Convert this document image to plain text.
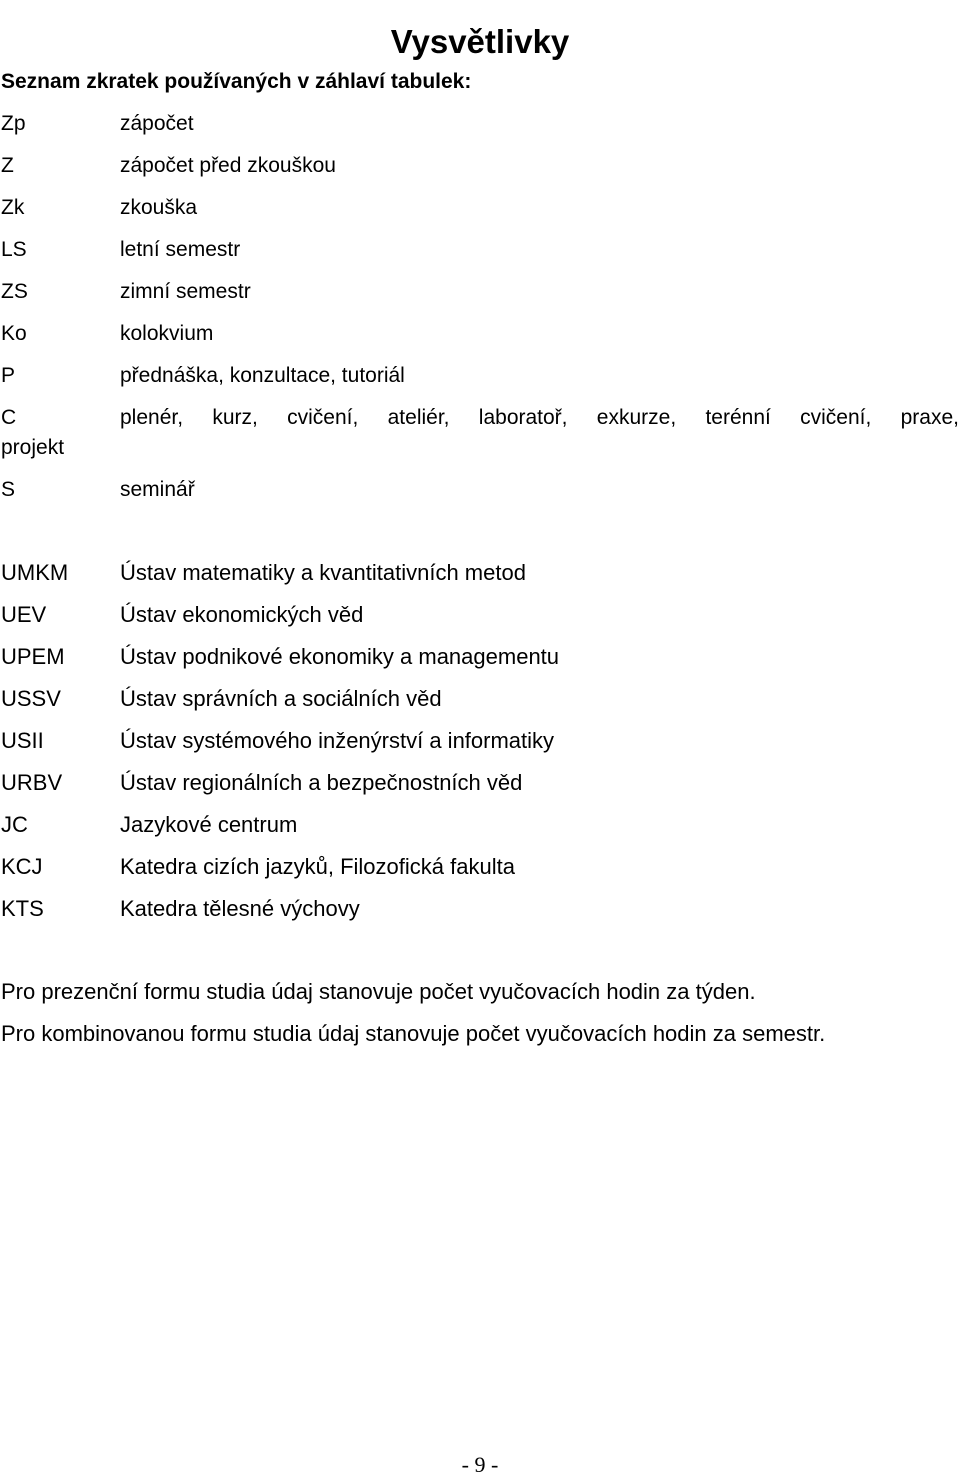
Vysvětlivky
Seznam zkratek používaných v záhlaví tabulek:
Zp	zápočet
Z	zápočet před zkouškou
Zk	zkouška
LS	letní semestr
ZS	zimní semestr
Ko	kolokvium
P	přednáška, konzultace, tutoriál
C	plenér, kurz, cvičení, ateliér, laboratoř, exkurze, terénní cvičení, praxe,
projekt
S	seminář
UMKM	Ústav matematiky a kvantitativních metod
UEV	Ústav ekonomických věd
UPEM	Ústav podnikové ekonomiky a managementu
USSV	Ústav správních a sociálních věd
USII	Ústav systémového inženýrství a informatiky
URBV	Ústav regionálních a bezpečnostních věd
JC	Jazykové centrum
KCJ	Katedra cizích jazyků, Filozofická fakulta
KTS	Katedra tělesné výchovy

Pro prezenční formu studia údaj stanovuje počet vyučovacích hodin za týden.

Pro kombinovanou formu studia údaj stanovuje počet vyučovacích hodin za semestr.

- 9 -
